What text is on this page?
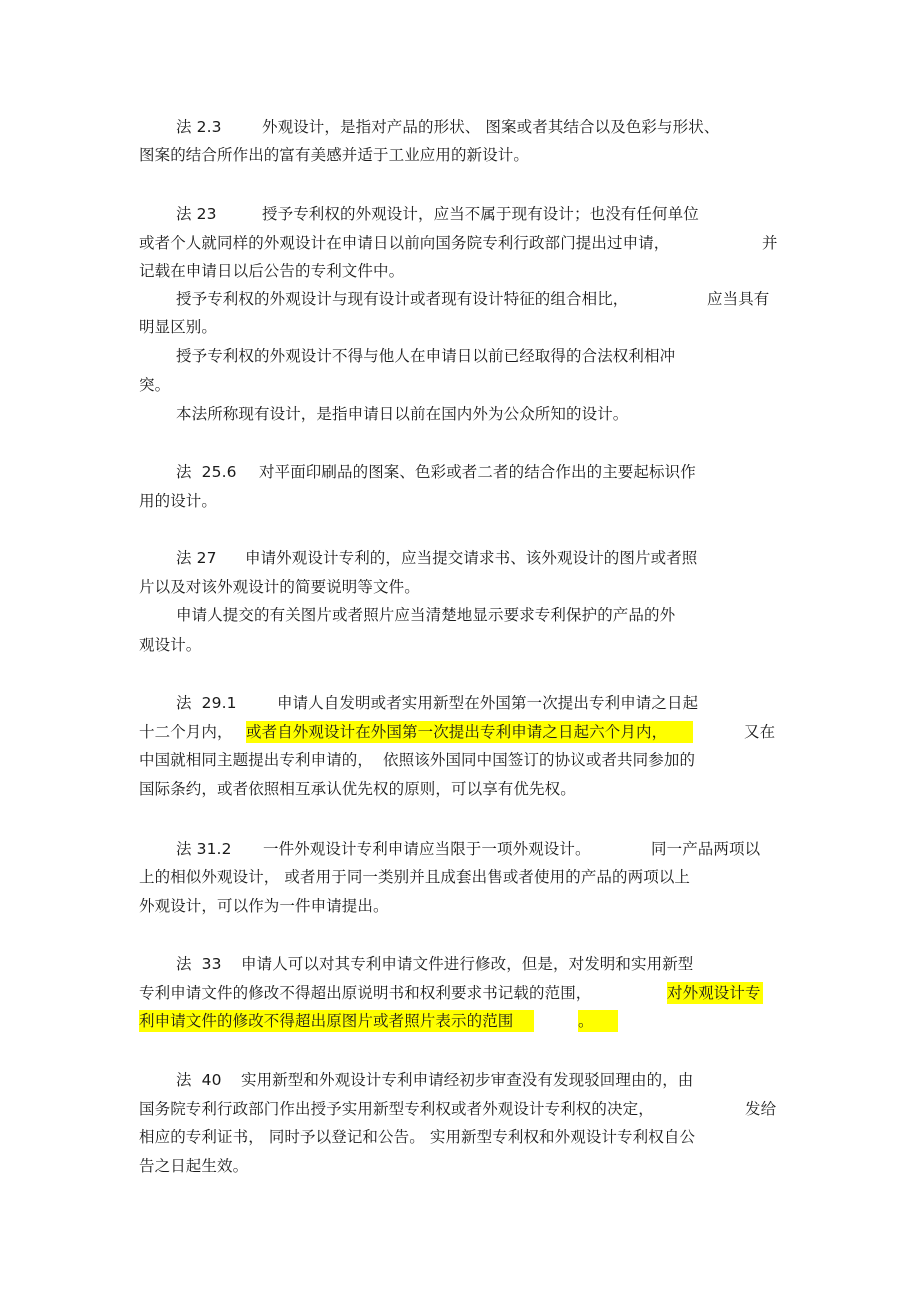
法 2.3	外观设计，是指对产品的形状、 图案或者其结合以及色彩与形状、
图案的结合所作出的富有美感并适于工业应用的新设计。
法 23	授予专利权的外观设计，应当不属于现有设计；也没有任何单位
或者个人就同样的外观设计在申请日以前向国务院专利行政部门提出过申请，	并
记载在申请日以后公告的专利文件中。
授予专利权的外观设计与现有设计或者现有设计特征的组合相比，	应当具有
明显区别。
授予专利权的外观设计不得与他人在申请日以前已经取得的合法权利相冲
突。
本法所称现有设计，是指申请日以前在国内外为公众所知的设计。
法  25.6 对平面印刷品的图案、色彩或者二者的结合作出的主要起标识作
用的设计。
法 27 申请外观设计专利的，应当提交请求书、该外观设计的图片或者照
片以及对该外观设计的简要说明等文件。
申请人提交的有关图片或者照片应当清楚地显示要求专利保护的产品的外
观设计。
法  29.1	申请人自发明或者实用新型在外国第一次提出专利申请之日起
十二个月内， 或者自外观设计在外国第一次提出专利申请之日起六个月内，	又在
中国就相同主题提出专利申请的，  依照该外国同中国签订的协议或者共同参加的
国际条约，或者依照相互承认优先权的原则，可以享有优先权。
法 31.2 一件外观设计专利申请应当限于一项外观设计。	同一产品两项以
上的相似外观设计， 或者用于同一类别并且成套出售或者使用的产品的两项以上
外观设计，可以作为一件申请提出。
法  33 申请人可以对其专利申请文件进行修改，但是，对发明和实用新型
专利申请文件的修改不得超出原说明书和权利要求书记载的范围，	对外观设计专
利申请文件的修改不得超出原图片或者照片表示的范围	。
法  40 实用新型和外观设计专利申请经初步审查没有发现驳回理由的，由
国务院专利行政部门作出授予实用新型专利权或者外观设计专利权的决定，	发给
相应的专利证书， 同时予以登记和公告。 实用新型专利权和外观设计专利权自公
告之日起生效。
